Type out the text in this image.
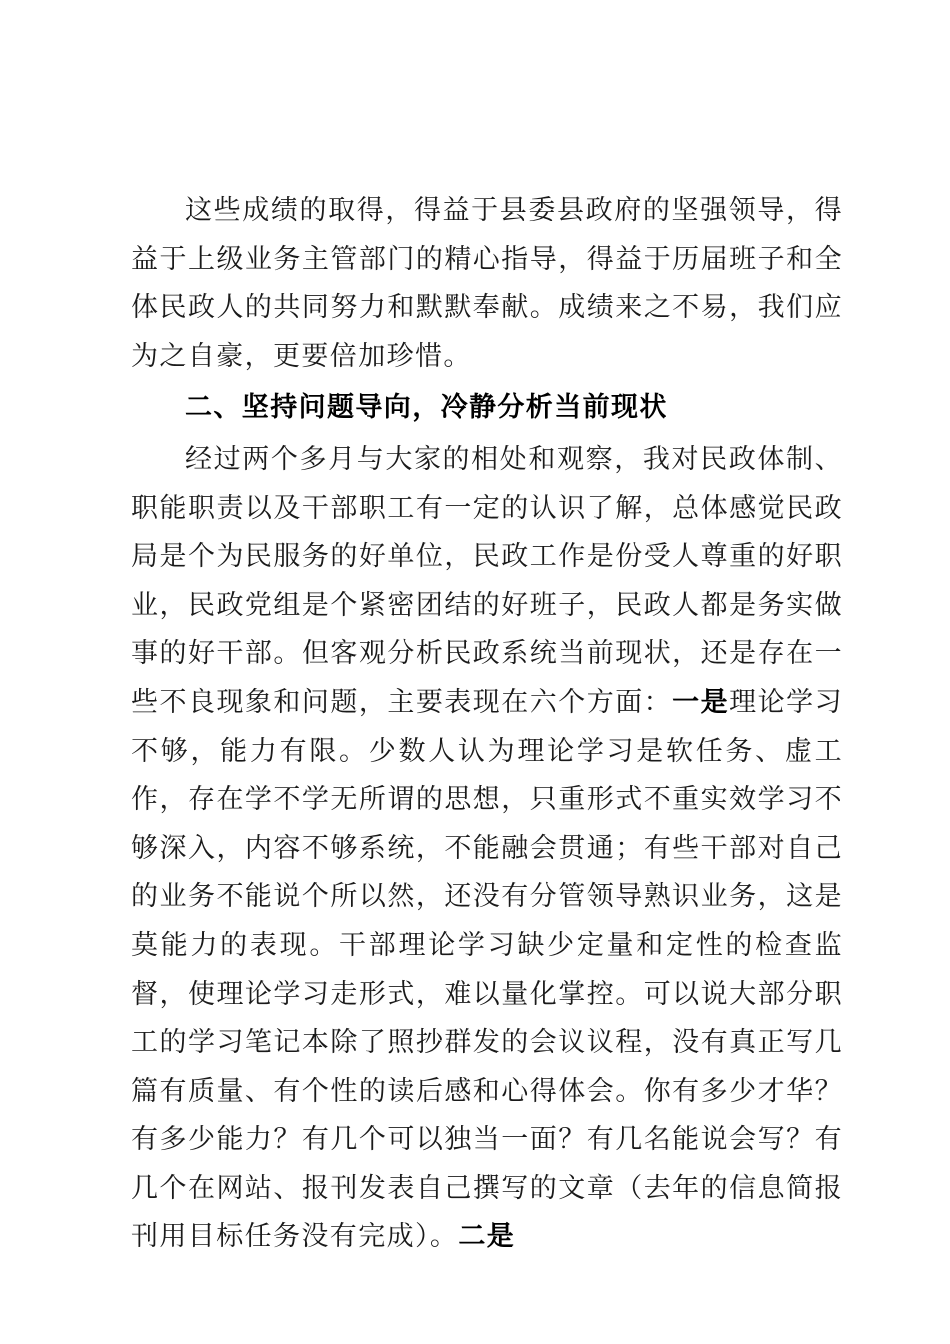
这些成绩的取得，得益于县委县政府的坚强领导，得益于上级业务主管部门的精心指导，得益于历届班子和全体民政人的共同努力和默默奉献。成绩来之不易，我们应为之自豪，更要倍加珍惜。

二、坚持问题导向，冷静分析当前现状

经过两个多月与大家的相处和观察，我对民政体制、职能职责以及干部职工有一定的认识了解，总体感觉民政局是个为民服务的好单位，民政工作是份受人尊重的好职业，民政党组是个紧密团结的好班子，民政人都是务实做事的好干部。但客观分析民政系统当前现状，还是存在一些不良现象和问题，主要表现在六个方面：一是理论学习不够，能力有限。少数人认为理论学习是软任务、虚工作，存在学不学无所谓的思想，只重形式不重实效学习不够深入，内容不够系统，不能融会贯通；有些干部对自己的业务不能说个所以然，还没有分管领导熟识业务，这是莫能力的表现。干部理论学习缺少定量和定性的检查监督，使理论学习走形式，难以量化掌控。可以说大部分职工的学习笔记本除了照抄群发的会议议程，没有真正写几篇有质量、有个性的读后感和心得体会。你有多少才华？有多少能力？有几个可以独当一面？有几名能说会写？有几个在网站、报刊发表自己撰写的文章（去年的信息简报刊用目标任务没有完成）。二是
